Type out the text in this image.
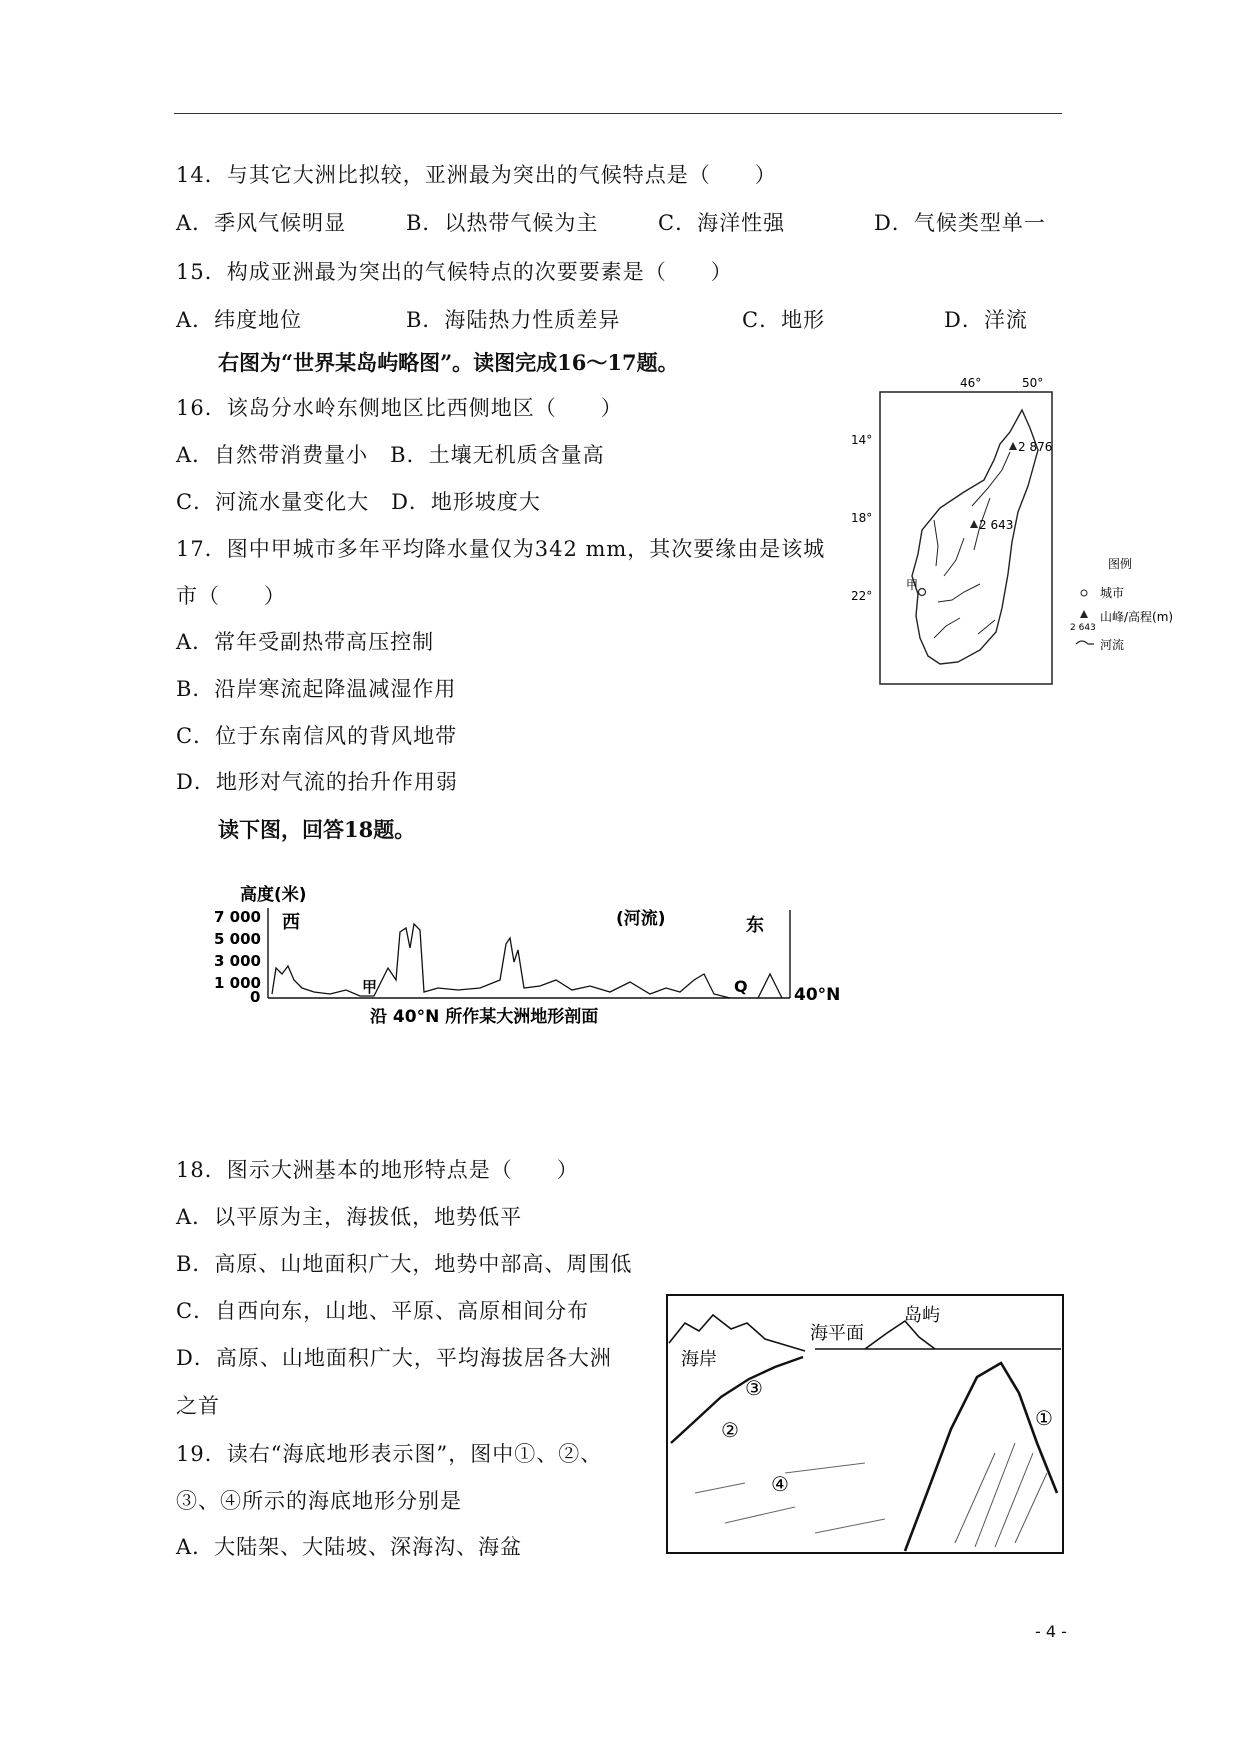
14．与其它大洲比拟较，亚洲最为突出的气候特点是（　　）
A．季风气候明显	B．以热带气候为主	C．海洋性强	D．气候类型单一
15．构成亚洲最为突出的气候特点的次要要素是（　　）
A．纬度地位	B．海陆热力性质差异	C．地形	D．洋流
右图为“世界某岛屿略图”。读图完成16～17题。
16．该岛分水岭东侧地区比西侧地区（　　）
A．自然带消费量小　B．土壤无机质含量高
C．河流水量变化大　D．地形坡度大
17．图中甲城市多年平均降水量仅为342 mm，其次要缘由是该城
市（　　）
A．常年受副热带高压控制
B．沿岸寒流起降温减湿作用
C．位于东南信风的背风地带
D．地形对气流的抬升作用弱
读下图，回答18题。
18．图示大洲基本的地形特点是（　　）
A．以平原为主，海拔低，地势低平
B．高原、山地面积广大，地势中部高、周围低
C．自西向东，山地、平原、高原相间分布
D．高原、山地面积广大，平均海拔居各大洲
之首
19．读右“海底地形表示图”，图中①、②、
③、④所示的海底地形分别是
A．大陆架、大陆坡、深海沟、海盆
46°	50°
14°
18°
22°
2 876
2 643
甲
图例
城市
2 643
山峰/高程(m)
河流
高度(米)
7 000
5 000
3 000
1 000
0
西	东
(河流)
甲	Q	40°N
沿 40°N 所作某大洲地形剖面
海平面
岛屿
海岸
①
②
③
④
- 4 -
